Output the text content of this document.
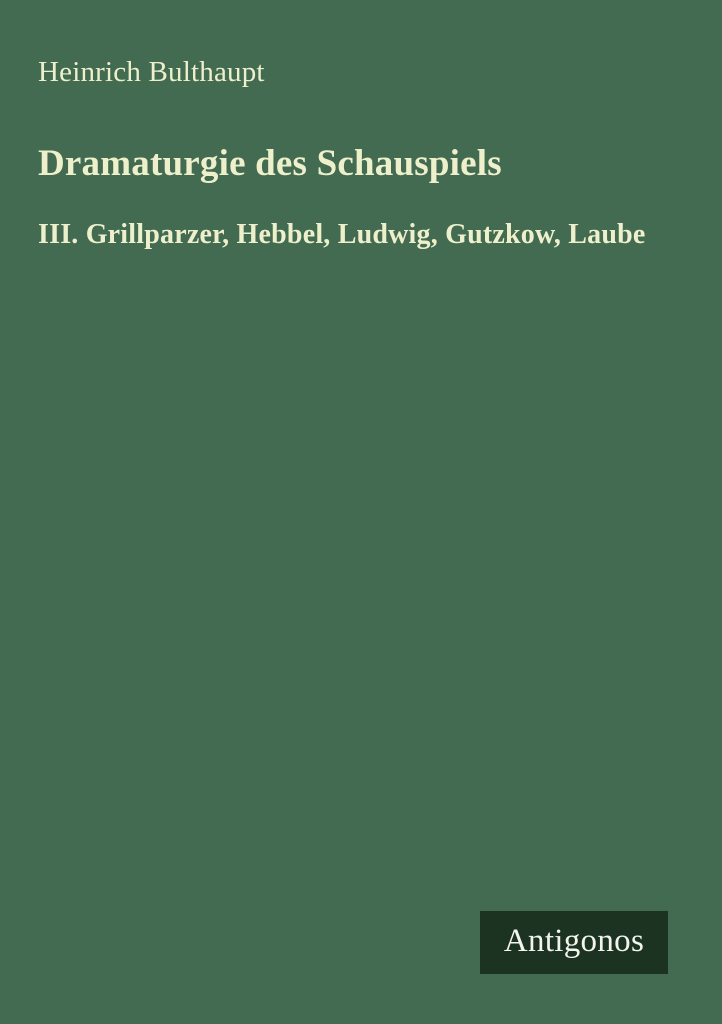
Heinrich Bulthaupt
Dramaturgie des Schauspiels
III. Grillparzer, Hebbel, Ludwig, Gutzkow, Laube
Antigonos
